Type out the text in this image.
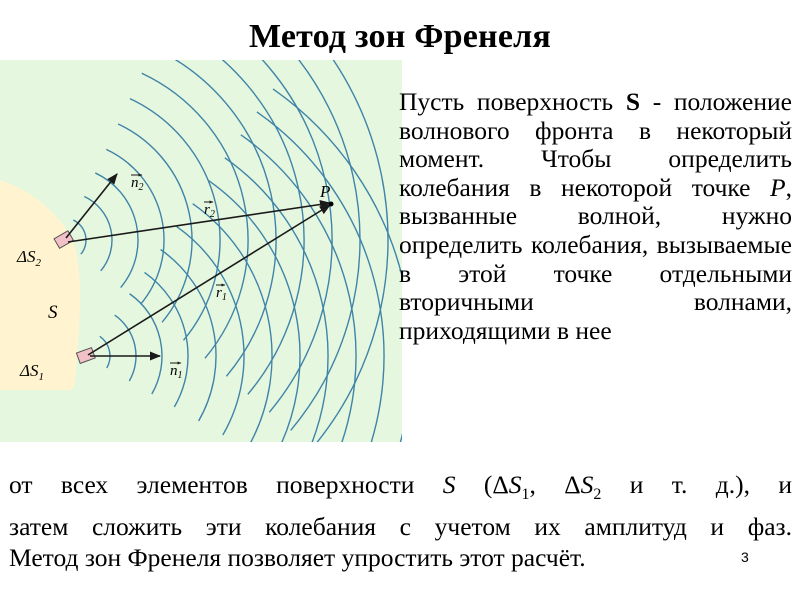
Метод зон Френеля
P
S
$\Delta S_2$
$\Delta S_1$
$n_2$
$n_1$
$r_2$
$r_1$
Пусть поверхность S - положение волнового фронта в некоторый момент. Чтобы определить колебания в некоторой точке P, вызванные волной, нужно определить колебания, вызываемые в этой точке отдельными вторичными волнами, приходящими в нее
от всех элементов поверхности S ($\Delta S_1$, $\Delta S_2$ и т. д.), и
затем сложить эти колебания с учетом их амплитуд и фаз.
Метод зон Френеля позволяет упростить этот расчёт.	3
